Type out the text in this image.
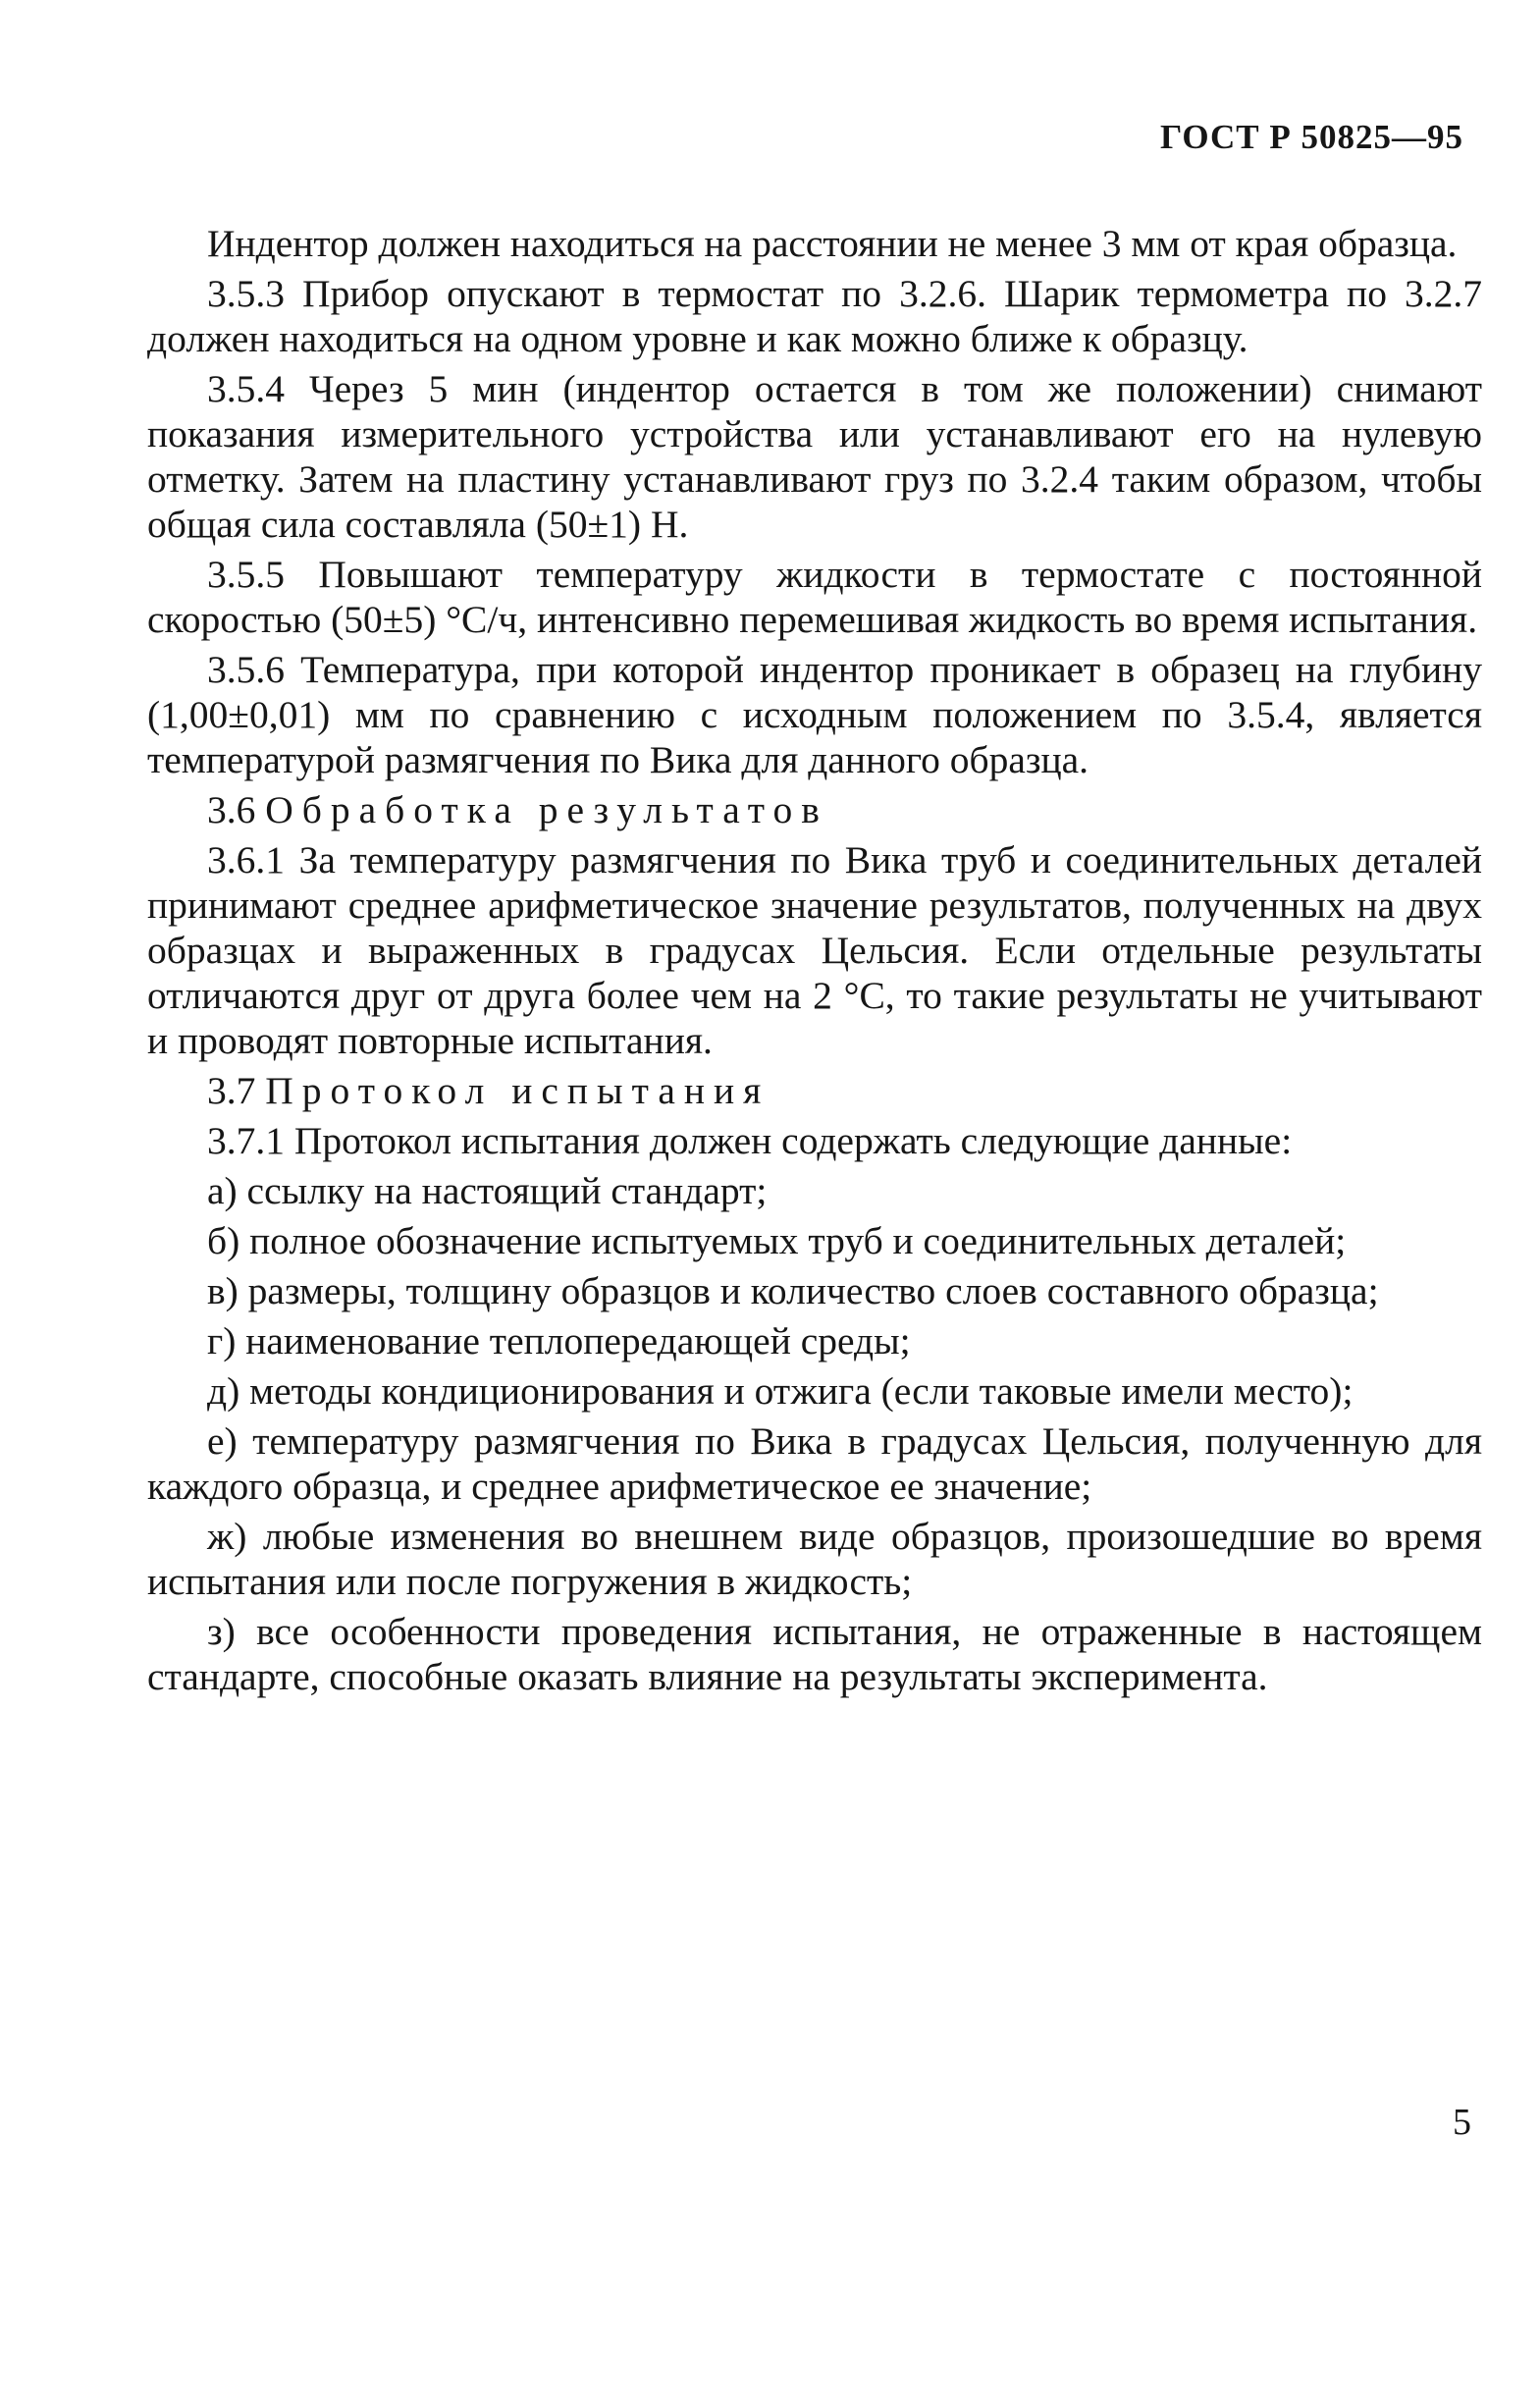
ГОСТ Р 50825—95

Индентор должен находиться на расстоянии не менее 3 мм от края образца.

3.5.3 Прибор опускают в термостат по 3.2.6. Шарик термометра по 3.2.7 должен находиться на одном уровне и как можно ближе к образцу.

3.5.4 Через 5 мин (индентор остается в том же положении) снимают показания измерительного устройства или устанавливают его на нулевую отметку. Затем на пластину устанавливают груз по 3.2.4 таким образом, чтобы общая сила составляла (50±1) Н.

3.5.5 Повышают температуру жидкости в термостате с постоянной скоростью (50±5) °С/ч, интенсивно перемешивая жидкость во время испытания.

3.5.6 Температура, при которой индентор проникает в образец на глубину (1,00±0,01) мм по сравнению с исходным положением по 3.5.4, является температурой размягчения по Вика для данного образца.

3.6 Обработка результатов

3.6.1 За температуру размягчения по Вика труб и соединительных деталей принимают среднее арифметическое значение результатов, полученных на двух образцах и выраженных в градусах Цельсия. Если отдельные результаты отличаются друг от друга более чем на 2 °С, то такие результаты не учитывают и проводят повторные испытания.

3.7 Протокол испытания

3.7.1 Протокол испытания должен содержать следующие данные:

а) ссылку на настоящий стандарт;

б) полное обозначение испытуемых труб и соединительных деталей;

в) размеры, толщину образцов и количество слоев составного образца;

г) наименование теплопередающей среды;

д) методы кондиционирования и отжига (если таковые имели место);

е) температуру размягчения по Вика в градусах Цельсия, полученную для каждого образца, и среднее арифметическое ее значение;

ж) любые изменения во внешнем виде образцов, произошедшие во время испытания или после погружения в жидкость;

з) все особенности проведения испытания, не отраженные в настоящем стандарте, способные оказать влияние на результаты эксперимента.

5
